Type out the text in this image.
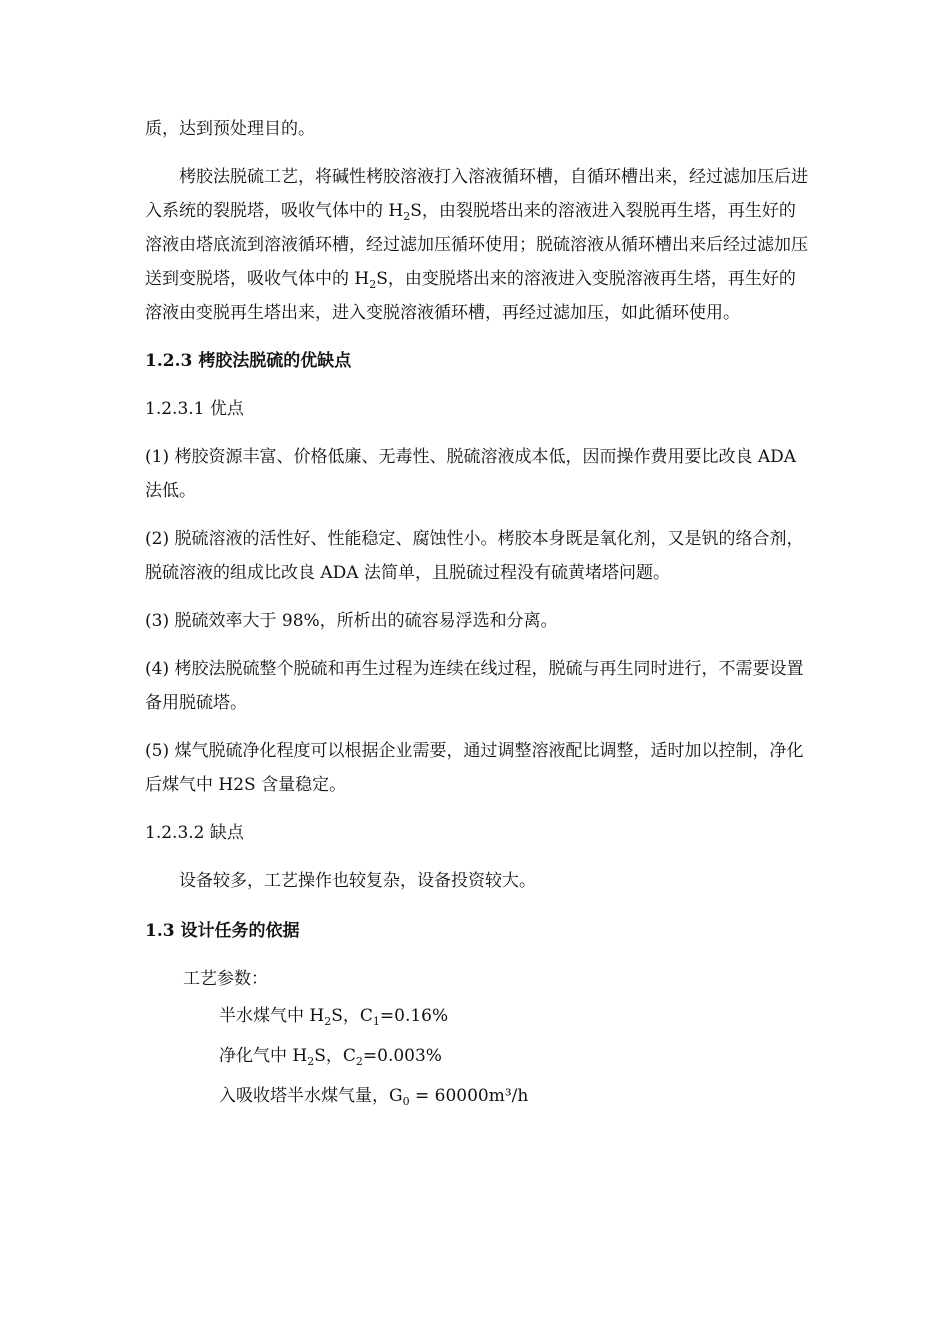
质，达到预处理目的。

栲胶法脱硫工艺，将碱性栲胶溶液打入溶液循环槽，自循环槽出来，经过滤加压后进入系统的裂脱塔，吸收气体中的 $H_2S$，由裂脱塔出来的溶液进入裂脱再生塔，再生好的溶液由塔底流到溶液循环槽，经过滤加压循环使用；脱硫溶液从循环槽出来后经过滤加压送到变脱塔，吸收气体中的 $H_2S$，由变脱塔出来的溶液进入变脱溶液再生塔，再生好的溶液由变脱再生塔出来，进入变脱溶液循环槽，再经过滤加压，如此循环使用。

1.2.3 栲胶法脱硫的优缺点

1.2.3.1 优点

(1) 栲胶资源丰富、价格低廉、无毒性、脱硫溶液成本低，因而操作费用要比改良 ADA 法低。

(2) 脱硫溶液的活性好、性能稳定、腐蚀性小。栲胶本身既是氧化剂，又是钒的络合剂，脱硫溶液的组成比改良 ADA 法简单，且脱硫过程没有硫黄堵塔问题。

(3) 脱硫效率大于 98%，所析出的硫容易浮选和分离。

(4) 栲胶法脱硫整个脱硫和再生过程为连续在线过程，脱硫与再生同时进行，不需要设置备用脱硫塔。

(5) 煤气脱硫净化程度可以根据企业需要，通过调整溶液配比调整，适时加以控制，净化后煤气中 H2S 含量稳定。

1.2.3.2 缺点

设备较多，工艺操作也较复杂，设备投资较大。

1.3 设计任务的依据

工艺参数：

半水煤气中 $H_2S$，$C_1=0.16\%$

净化气中 $H_2S$，$C_2=0.003\%$

入吸收塔半水煤气量，$G_0 = 60000m^3/h$
